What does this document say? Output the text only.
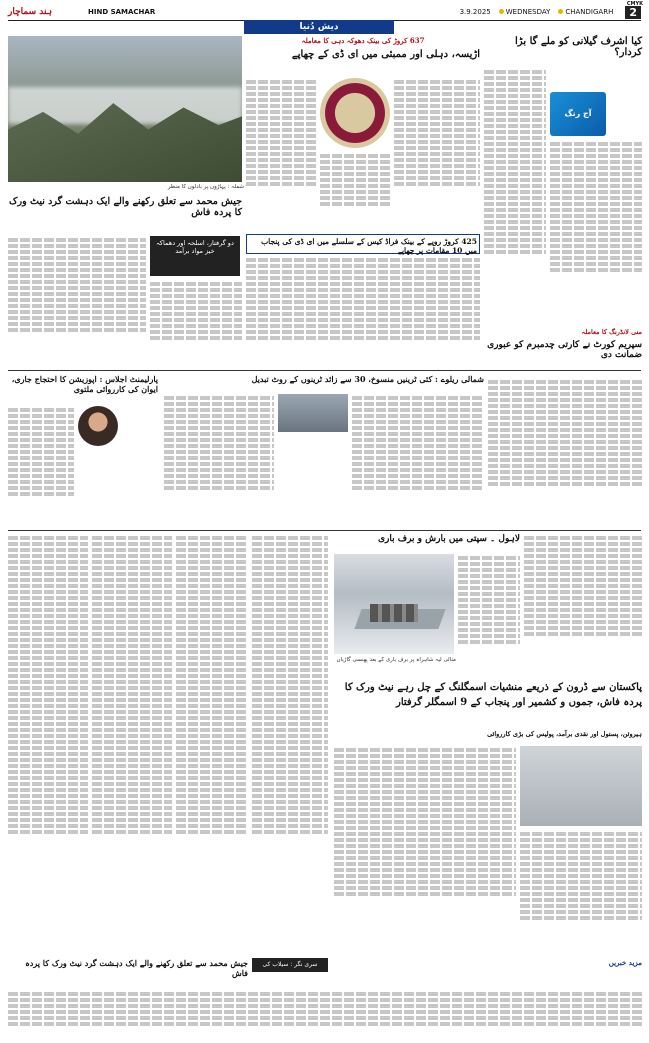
ہند سماچار	HIND SAMACHAR	3.9.2025	WEDNESDAY	CHANDIGARH	2
CMYK
دیش دُنیا
شملہ : پہاڑوں پر بادلوں کا منظر
637 کروڑ کی بینک دھوکہ دہی کا معاملہ
اڑیسہ، دہلی اور ممبئی میں ای ڈی کے چھاپے
425 کروڑ روپے کے بینک فراڈ کیس کے سلسلے میں ای ڈی کی پنجاب میں 10 مقامات پر چھاپے
جیش محمد سے تعلق رکھنے والے ایک دہشت گرد نیٹ ورک کا پردہ فاش
دو گرفتار، اسلحہ اور دھماکہ خیز مواد برآمد
کیا اشرف گیلانی کو ملے گا بڑا کردار؟
آج رنگ
منی لانڈرنگ کا معاملہ
سپریم کورٹ نے کارتی چدمبرم کو عبوری ضمانت دی
پارلیمنٹ اجلاس : اپوزیشن کا احتجاج جاری، ایوان کی کارروائی ملتوی
شمالی ریلوے : کئی ٹرینیں منسوخ، 30 سے زائد ٹرینوں کے روٹ تبدیل
لاہول ۔ سپتی میں بارش و برف باری
منالی لیہ شاہراہ پر برف باری کے بعد پھنسی گاڑیاں
پاکستان سے ڈرون کے ذریعے منشیات اسمگلنگ کے چل رہے نیٹ ورک کا پردہ فاش، جموں و کشمیر اور پنجاب کے 9 اسمگلر گرفتار
ہیروئن، پستول اور نقدی برآمد، پولیس کی بڑی کارروائی
جیش محمد سے تعلق رکھنے والے ایک دہشت گرد نیٹ ورک کا پردہ فاش
سری نگر : سیلاب کی صورتحال
مزید خبریں
